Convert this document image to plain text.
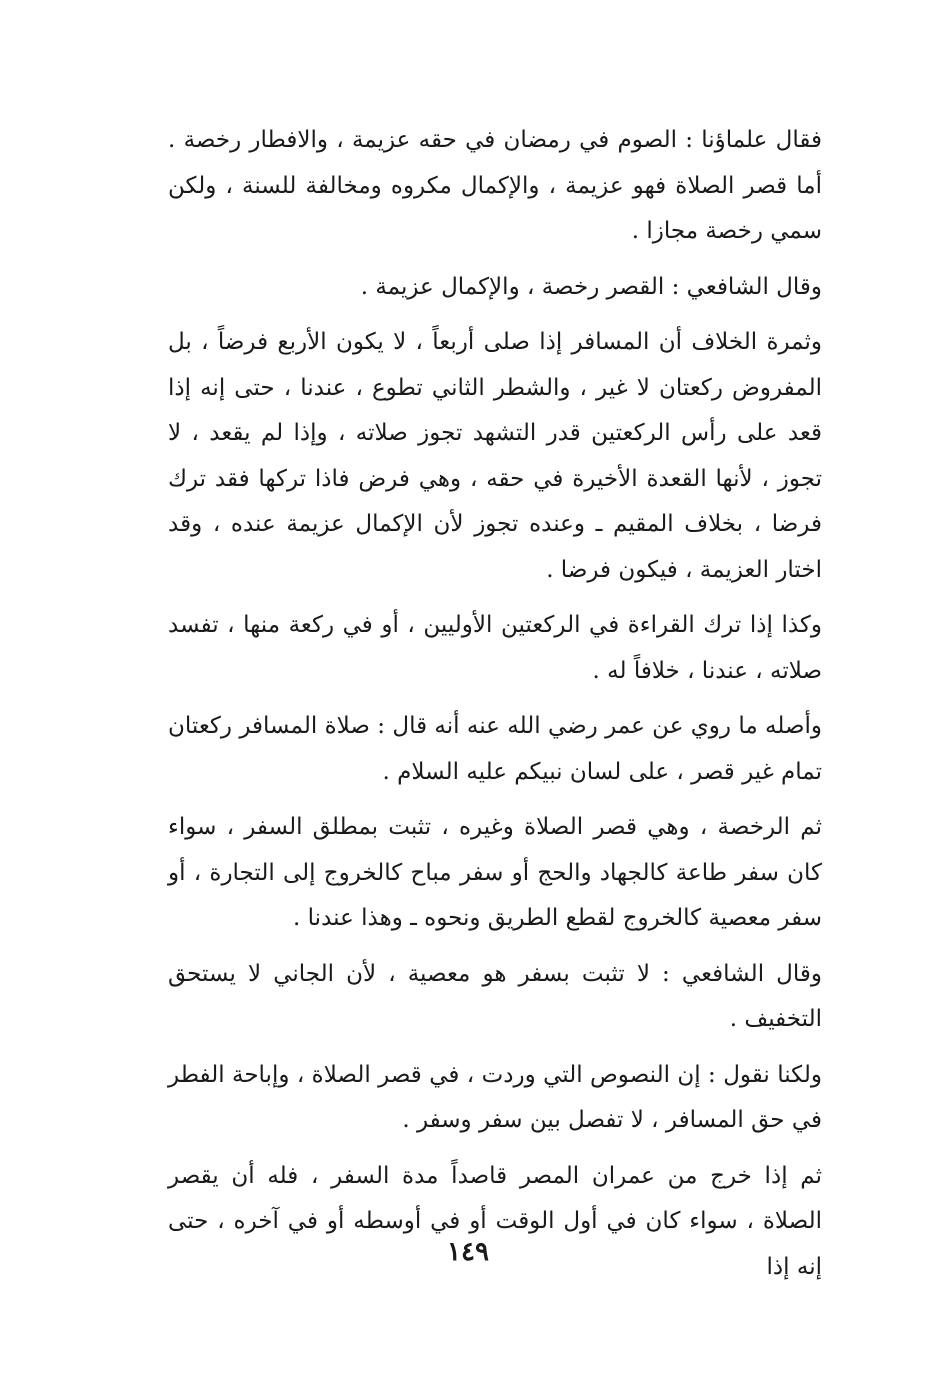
فقال علماؤنا : الصوم في رمضان في حقه عزيمة ، والافطار رخصة . أما قصر الصلاة فهو عزيمة ، والإكمال مكروه ومخالفة للسنة ، ولكن سمي رخصة مجازا .

وقال الشافعي : القصر رخصة ، والإكمال عزيمة .

وثمرة الخلاف أن المسافر إذا صلى أربعاً ، لا يكون الأربع فرضاً ، بل المفروض ركعتان لا غير ، والشطر الثاني تطوع ، عندنا ، حتى إنه إذا قعد على رأس الركعتين قدر التشهد تجوز صلاته ، وإذا لم يقعد ، لا تجوز ، لأنها القعدة الأخيرة في حقه ، وهي فرض فاذا تركها فقد ترك فرضا ، بخلاف المقيم ـ وعنده تجوز لأن الإكمال عزيمة عنده ، وقد اختار العزيمة ، فيكون فرضا .

وكذا إذا ترك القراءة في الركعتين الأوليين ، أو في ركعة منها ، تفسد صلاته ، عندنا ، خلافاً له .

وأصله ما روي عن عمر رضي الله عنه أنه قال : صلاة المسافر ركعتان تمام غير قصر ، على لسان نبيكم عليه السلام .

ثم الرخصة ، وهي قصر الصلاة وغيره ، تثبت بمطلق السفر ، سواء كان سفر طاعة كالجهاد والحج أو سفر مباح كالخروج إلى التجارة ، أو سفر معصية كالخروج لقطع الطريق ونحوه ـ وهذا عندنا .

وقال الشافعي : لا تثبت بسفر هو معصية ، لأن الجاني لا يستحق التخفيف .

ولكنا نقول : إن النصوص التي وردت ، في قصر الصلاة ، وإباحة الفطر في حق المسافر ، لا تفصل بين سفر وسفر .

ثم إذا خرج من عمران المصر قاصداً مدة السفر ، فله أن يقصر الصلاة ، سواء كان في أول الوقت أو في أوسطه أو في آخره ، حتى إنه إذا

١٤٩
